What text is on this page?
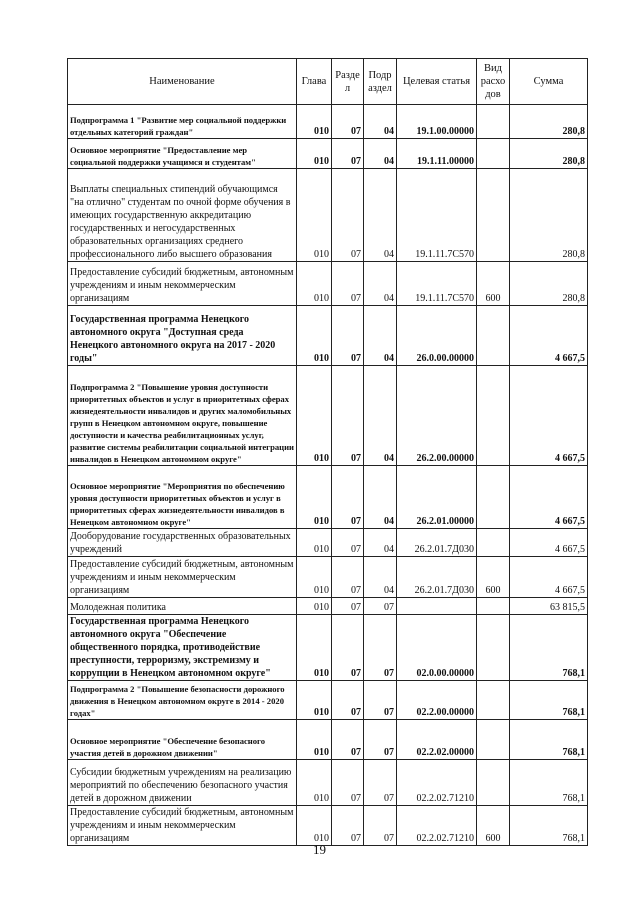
Наименование	Глава	Разде л	Подр аздел	Целевая статья	Вид расхо дов	Сумма
Подпрограмма 1 "Развитие мер социальной поддержки отдельных категорий граждан"	010	07	04	19.1.00.00000		280,8
Основное мероприятие "Предоставление мер социальной поддержки учащимся и студентам"	010	07	04	19.1.11.00000		280,8
Выплаты специальных стипендий обучающимся "на отлично" студентам по очной форме обучения в имеющих государственную аккредитацию государственных и негосударственных образовательных организациях среднего профессионального либо высшего образования	010	07	04	19.1.11.7С570		280,8
Предоставление субсидий бюджетным, автономным учреждениям и иным некоммерческим организациям	010	07	04	19.1.11.7С570	600	280,8
Государственная программа Ненецкого автономного округа "Доступная среда Ненецкого автономного округа на 2017 - 2020 годы"	010	07	04	26.0.00.00000		4 667,5
Подпрограмма 2 "Повышение уровня доступности приоритетных объектов и услуг в приоритетных сферах жизнедеятельности инвалидов и других маломобильных групп в Ненецком автономном округе, повышение доступности и качества реабилитационных услуг, развитие системы реабилитации социальной интеграции инвалидов в Ненецком автономном округе"	010	07	04	26.2.00.00000		4 667,5
Основное мероприятие "Мероприятия по обеспечению уровня доступности приоритетных объектов и услуг в приоритетных сферах жизнедеятельности инвалидов в Ненецком автономном округе"	010	07	04	26.2.01.00000		4 667,5
Дооборудование государственных образовательных учреждений	010	07	04	26.2.01.7Д030		4 667,5
Предоставление субсидий бюджетным, автономным учреждениям и иным некоммерческим организациям	010	07	04	26.2.01.7Д030	600	4 667,5
Молодежная политика	010	07	07			63 815,5
Государственная программа Ненецкого автономного округа "Обеспечение общественного порядка, противодействие преступности, терроризму, экстремизму и коррупции в Ненецком автономном округе"	010	07	07	02.0.00.00000		768,1
Подпрограмма 2 "Повышение безопасности дорожного движения в Ненецком автономном округе в 2014 - 2020 годах"	010	07	07	02.2.00.00000		768,1
Основное мероприятие "Обеспечение безопасного участия детей в дорожном движении"	010	07	07	02.2.02.00000		768,1
Субсидии бюджетным учреждениям на реализацию мероприятий по обеспечению безопасного участия детей в дорожном движении	010	07	07	02.2.02.71210		768,1
Предоставление субсидий бюджетным, автономным учреждениям и иным некоммерческим организациям	010	07	07	02.2.02.71210	600	768,1
19
